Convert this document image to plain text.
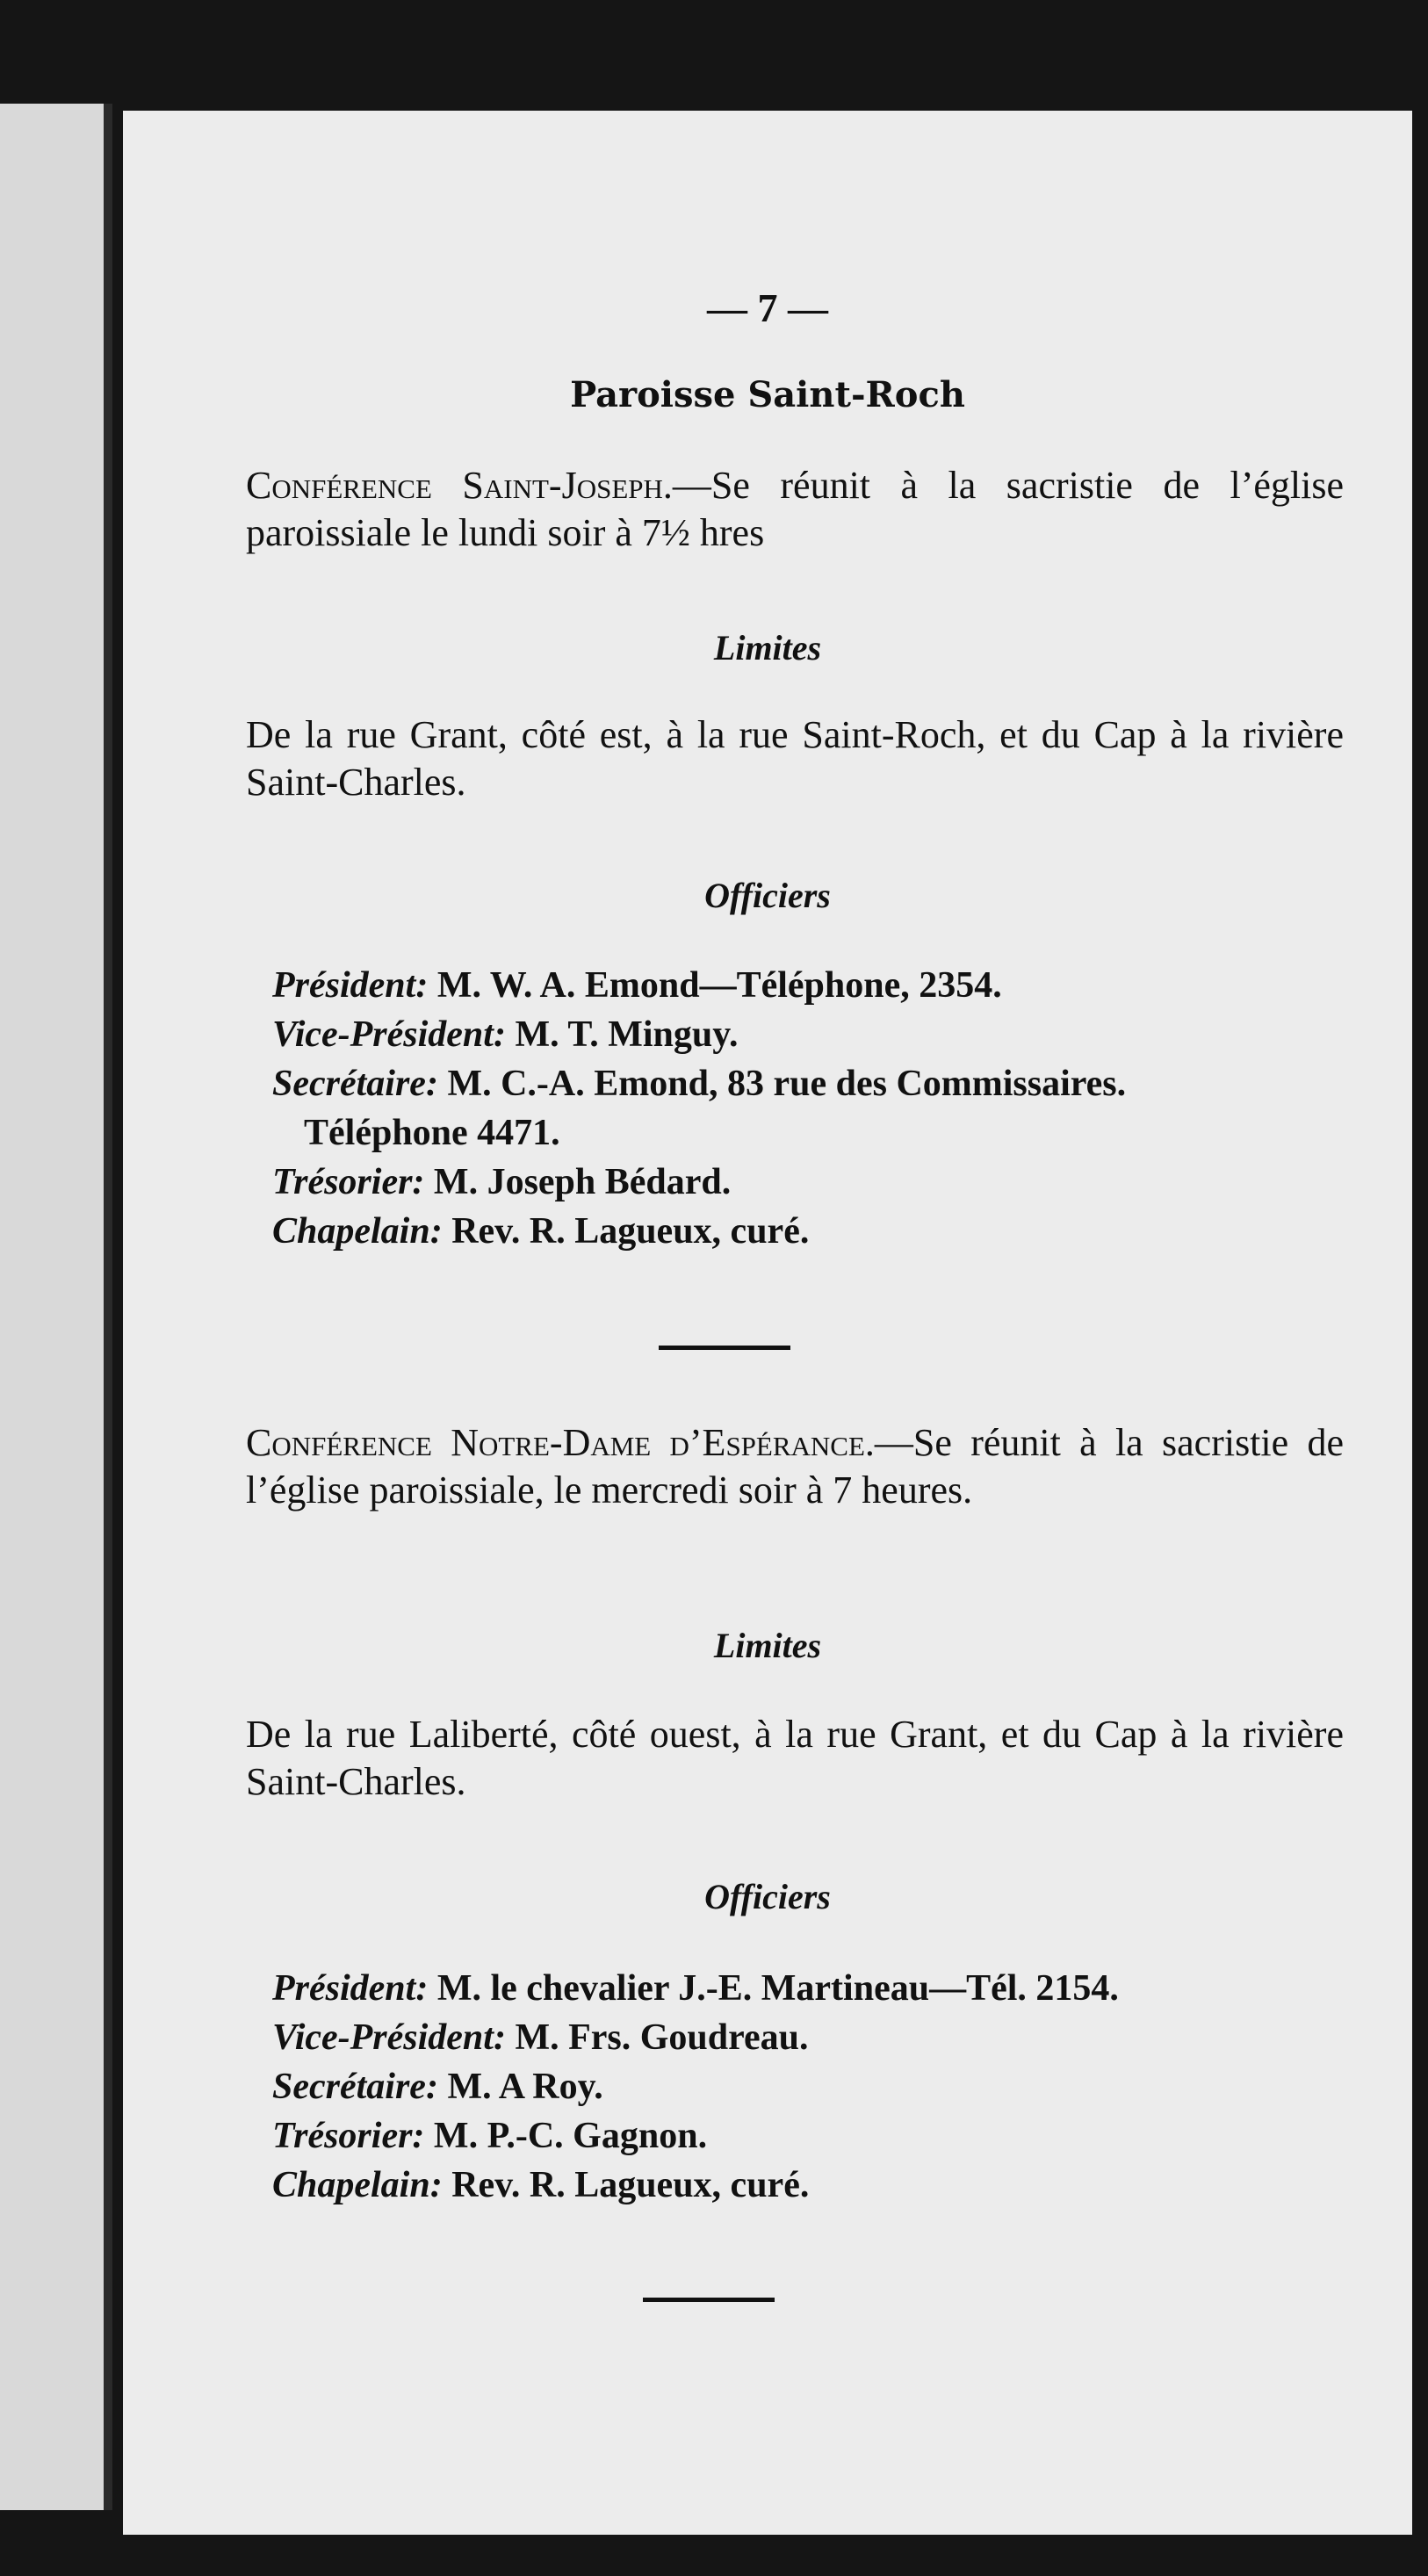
— 7 —
Paroisse Saint-Roch
Conférence Saint-Joseph.—Se réunit à la sacristie de l’église paroissiale le lundi soir à 7½ hres
Limites
De la rue Grant, côté est, à la rue Saint-Roch, et du Cap à la rivière Saint-Charles.
Officiers
Président: M. W. A. Emond—Téléphone, 2354.
Vice-Président: M. T. Minguy.
Secrétaire: M. C.-A. Emond, 83 rue des Commissaires.
Téléphone 4471.
Trésorier: M. Joseph Bédard.
Chapelain: Rev. R. Lagueux, curé.
Conférence Notre-Dame d’Espérance.—Se réunit à la sacristie de l’église paroissiale, le mercredi soir à 7 heures.
Limites
De la rue Laliberté, côté ouest, à la rue Grant, et du Cap à la rivière Saint-Charles.
Officiers
Président: M. le chevalier J.-E. Martineau—Tél. 2154.
Vice-Président: M. Frs. Goudreau.
Secrétaire: M. A Roy.
Trésorier: M. P.-C. Gagnon.
Chapelain: Rev. R. Lagueux, curé.
